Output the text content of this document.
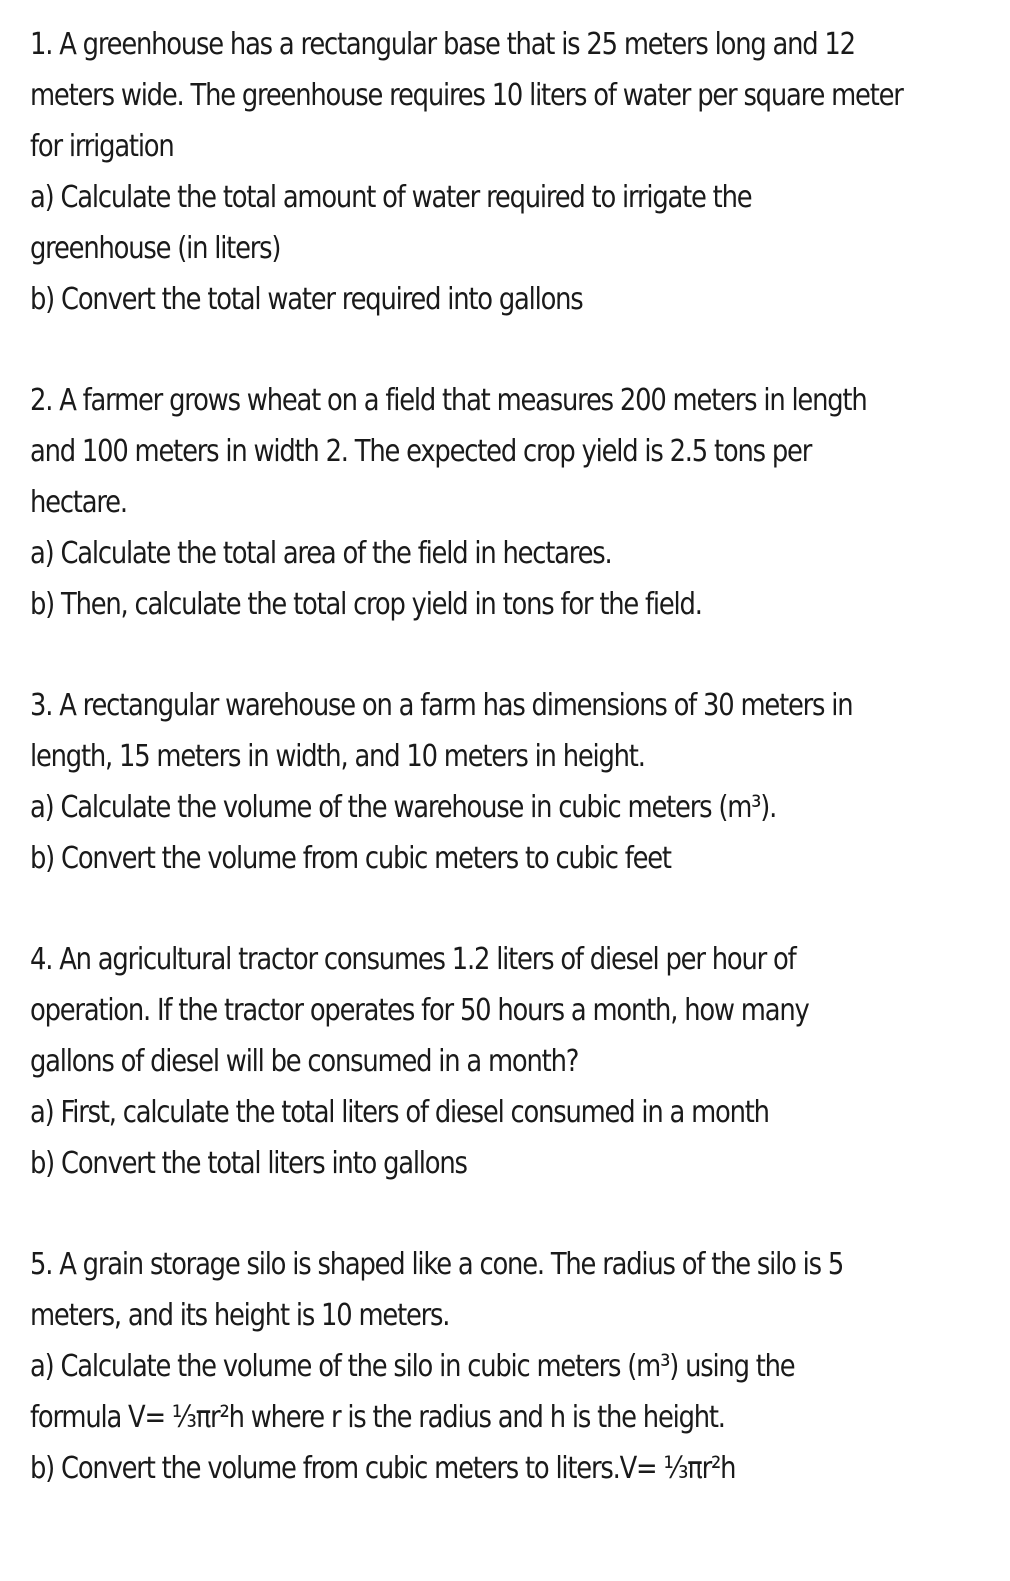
1. A greenhouse has a rectangular base that is 25 meters long and 12
meters wide. The greenhouse requires 10 liters of water per square meter
for irrigation
a) Calculate the total amount of water required to irrigate the
greenhouse (in liters)
b) Convert the total water required into gallons
2. A farmer grows wheat on a field that measures 200 meters in length
and 100 meters in width 2. The expected crop yield is 2.5 tons per
hectare.
a) Calculate the total area of the field in hectares.
b) Then, calculate the total crop yield in tons for the field.
3. A rectangular warehouse on a farm has dimensions of 30 meters in
length, 15 meters in width, and 10 meters in height.
a) Calculate the volume of the warehouse in cubic meters (m³).
b) Convert the volume from cubic meters to cubic feet
4. An agricultural tractor consumes 1.2 liters of diesel per hour of
operation. If the tractor operates for 50 hours a month, how many
gallons of diesel will be consumed in a month?
a) First, calculate the total liters of diesel consumed in a month
b) Convert the total liters into gallons
5. A grain storage silo is shaped like a cone. The radius of the silo is 5
meters, and its height is 10 meters.
a) Calculate the volume of the silo in cubic meters (m³) using the
formula V= ⅓πr²h where r is the radius and h is the height.
b) Convert the volume from cubic meters to liters.V= ⅓πr²h
